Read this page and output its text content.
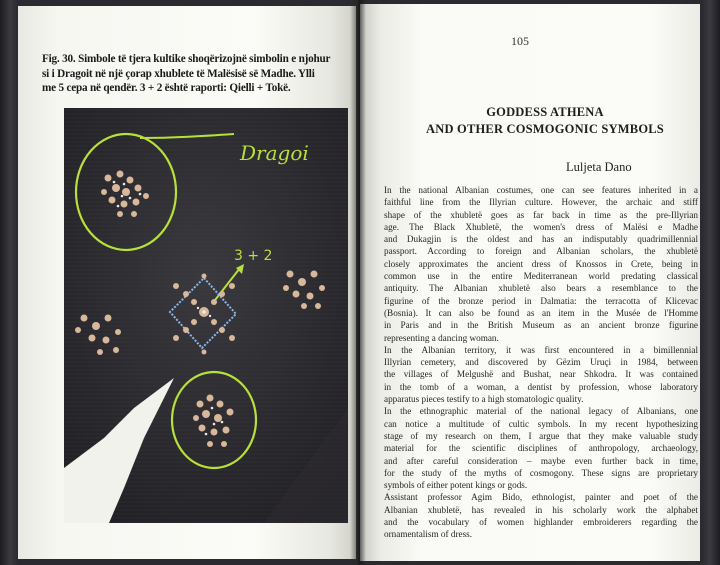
Fig. 30. Simbole të tjera kultike shoqërizojnë simbolin e njohur
si i Dragoit në një çorap xhublete të Malësisë së Madhe. Ylli
me 5 cepa në qendër. 3 + 2 është raporti: Qielli + Tokë.
Dragoi
3 + 2
105
GODDESS ATHENA
AND OTHER COSMOGONIC SYMBOLS
Luljeta Dano
In the national Albanian costumes, one can see features inherited in a
faithful line from the Illyrian culture. However, the archaic and stiff
shape of the xhubletë goes as far back in time as the pre-Illyrian
age. The Black Xhubletë, the women's dress of Malësi e Madhe
and Dukagjin is the oldest and has an indisputably quadrimillennial
passport. According to foreign and Albanian scholars, the xhubletë
closely approximates the ancient dress of Knossos in Crete, being in
common use in the entire Mediterranean world predating classical
antiquity. The Albanian xhubletë also bears a resemblance to the
figurine of the bronze period in Dalmatia: the terracotta of Klicevac
(Bosnia). It can also be found as an item in the Musée de l'Homme
in Paris and in the British Museum as an ancient bronze figurine
representing a dancing woman.
In the Albanian territory, it was first encountered in a bimillennial
Illyrian cemetery, and discovered by Gëzim Uruçi in 1984, between
the villages of Melgushë and Bushat, near Shkodra. It was contained
in the tomb of a woman, a dentist by profession, whose laboratory
apparatus pieces testify to a high stomatologic quality.
In the ethnographic material of the national legacy of Albanians, one
can notice a multitude of cultic symbols. In my recent hypothesizing
stage of my research on them, I argue that they make valuable study
material for the scientific disciplines of anthropology, archaeology,
and after careful consideration – maybe even further back in time,
for the study of the myths of cosmogony. These signs are proprietary
symbols of either potent kings or gods.
Assistant professor Agim Bido, ethnologist, painter and poet of the
Albanian xhubletë, has revealed in his scholarly work the alphabet
and the vocabulary of women highlander embroiderers regarding the
ornamentalism of dress.
